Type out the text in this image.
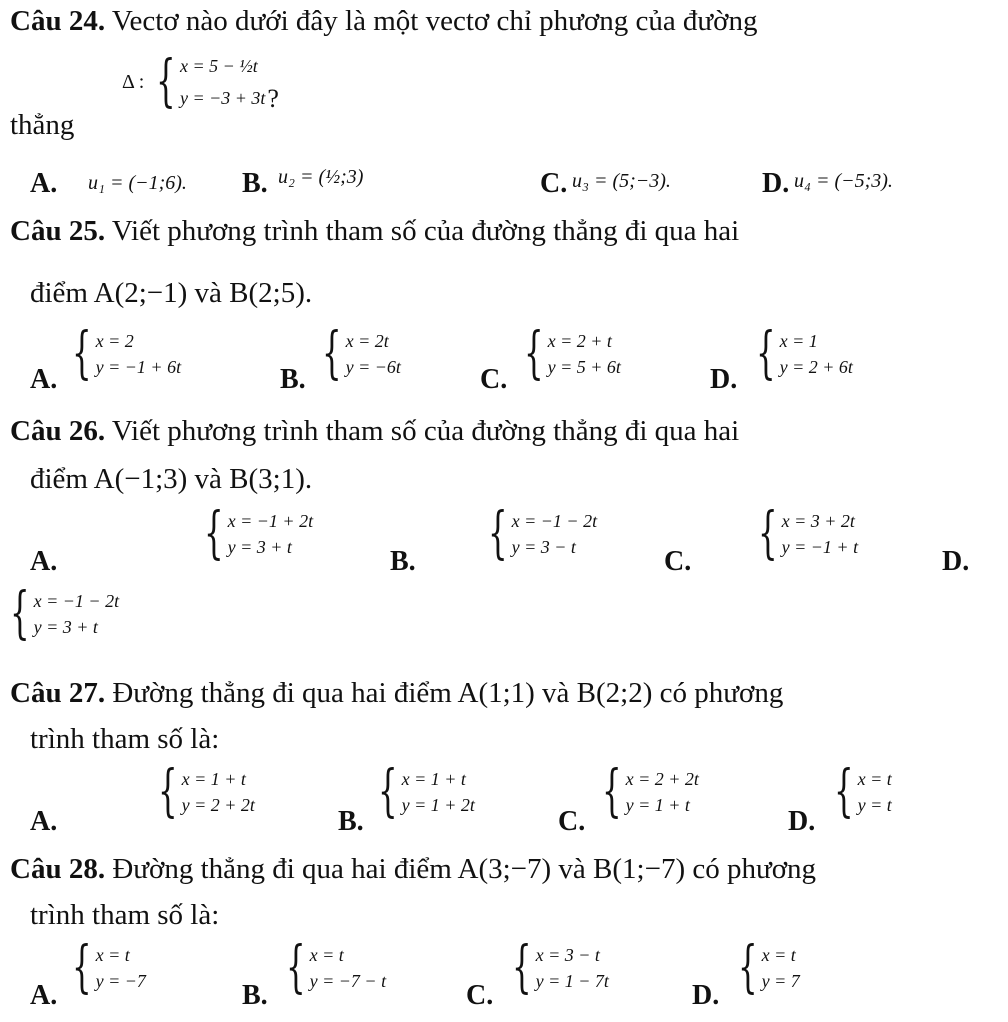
Câu 24. Vectơ nào dưới đây là một vectơ chỉ phương của đường
thẳng
Δ : { x = 5 − ½t
y = −3 + 3t ?
A. u₁ = (−1;6). B. u₂ = (½;3)	C. u₃ = (5;−3).	D. u₄ = (−5;3).
Câu 25. Viết phương trình tham số của đường thẳng đi qua hai
điểm A(2;−1) và B(2;5).
A. { x = 2
y = −1 + 6t	B. { x = 2t
y = −6t	C. { x = 2 + t
y = 5 + 6t	D. { x = 1
y = 2 + 6t
Câu 26. Viết phương trình tham số của đường thẳng đi qua hai
điểm A(−1;3) và B(3;1).
A.	{ x = −1 + 2t
y = 3 + t	B. { x = −1 − 2t
y = 3 − t	C. { x = 3 + 2t
y = −1 + t	D.
{ x = −1 − 2t
y = 3 + t
Câu 27. Đường thẳng đi qua hai điểm A(1;1) và B(2;2) có phương
trình tham số là:
A. { x = 1 + t
y = 2 + 2t
B. { x = 1 + t
y = 1 + 2t
C. { x = 2 + 2t
y = 1 + t
D. { x = t
y = t
Câu 28. Đường thẳng đi qua hai điểm A(3;−7) và B(1;−7) có phương
trình tham số là:
A. { x = t
y = −7	B. { x = t
y = −7 − t	C. { x = 3 − t
y = 1 − 7t	D. { x = t
y = 7
